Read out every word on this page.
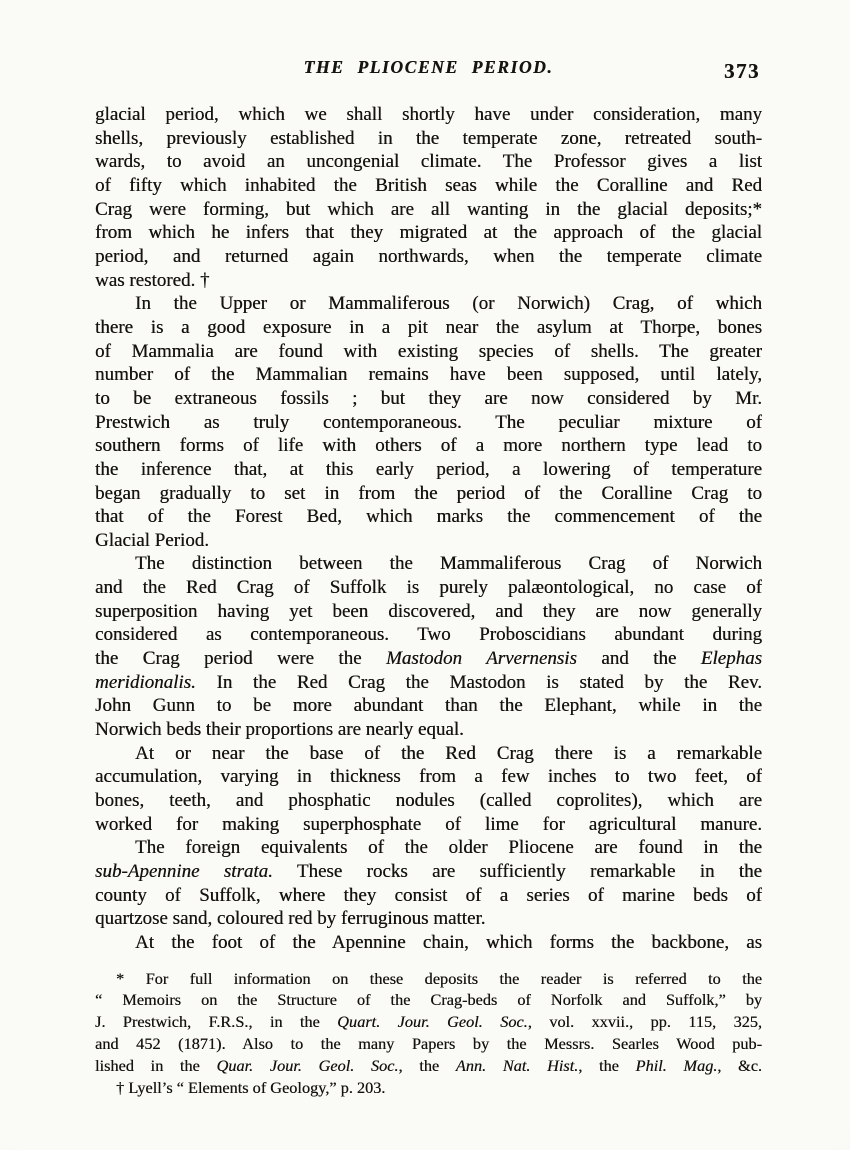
THE PLIOCENE PERIOD.	373
glacial period, which we shall shortly have under consideration, many
shells, previously established in the temperate zone, retreated south-
wards, to avoid an uncongenial climate. The Professor gives a list
of fifty which inhabited the British seas while the Coralline and Red
Crag were forming, but which are all wanting in the glacial deposits;*
from which he infers that they migrated at the approach of the glacial
period, and returned again northwards, when the temperate climate
was restored. †
In the Upper or Mammaliferous (or Norwich) Crag, of which
there is a good exposure in a pit near the asylum at Thorpe, bones
of Mammalia are found with existing species of shells. The greater
number of the Mammalian remains have been supposed, until lately,
to be extraneous fossils ; but they are now considered by Mr.
Prestwich as truly contemporaneous. The peculiar mixture of
southern forms of life with others of a more northern type lead to
the inference that, at this early period, a lowering of temperature
began gradually to set in from the period of the Coralline Crag to
that of the Forest Bed, which marks the commencement of the
Glacial Period.
The distinction between the Mammaliferous Crag of Norwich
and the Red Crag of Suffolk is purely palæontological, no case of
superposition having yet been discovered, and they are now generally
considered as contemporaneous. Two Proboscidians abundant during
the Crag period were the Mastodon Arvernensis and the Elephas
meridionalis. In the Red Crag the Mastodon is stated by the Rev.
John Gunn to be more abundant than the Elephant, while in the
Norwich beds their proportions are nearly equal.
At or near the base of the Red Crag there is a remarkable
accumulation, varying in thickness from a few inches to two feet, of
bones, teeth, and phosphatic nodules (called coprolites), which are
worked for making superphosphate of lime for agricultural manure.
The foreign equivalents of the older Pliocene are found in the
sub-Apennine strata. These rocks are sufficiently remarkable in the
county of Suffolk, where they consist of a series of marine beds of
quartzose sand, coloured red by ferruginous matter.
At the foot of the Apennine chain, which forms the backbone, as
* For full information on these deposits the reader is referred to the
“ Memoirs on the Structure of the Crag-beds of Norfolk and Suffolk,” by
J. Prestwich, F.R.S., in the Quart. Jour. Geol. Soc., vol. xxvii., pp. 115, 325,
and 452 (1871). Also to the many Papers by the Messrs. Searles Wood pub-
lished in the Quar. Jour. Geol. Soc., the Ann. Nat. Hist., the Phil. Mag., &c.
† Lyell’s “ Elements of Geology,” p. 203.
